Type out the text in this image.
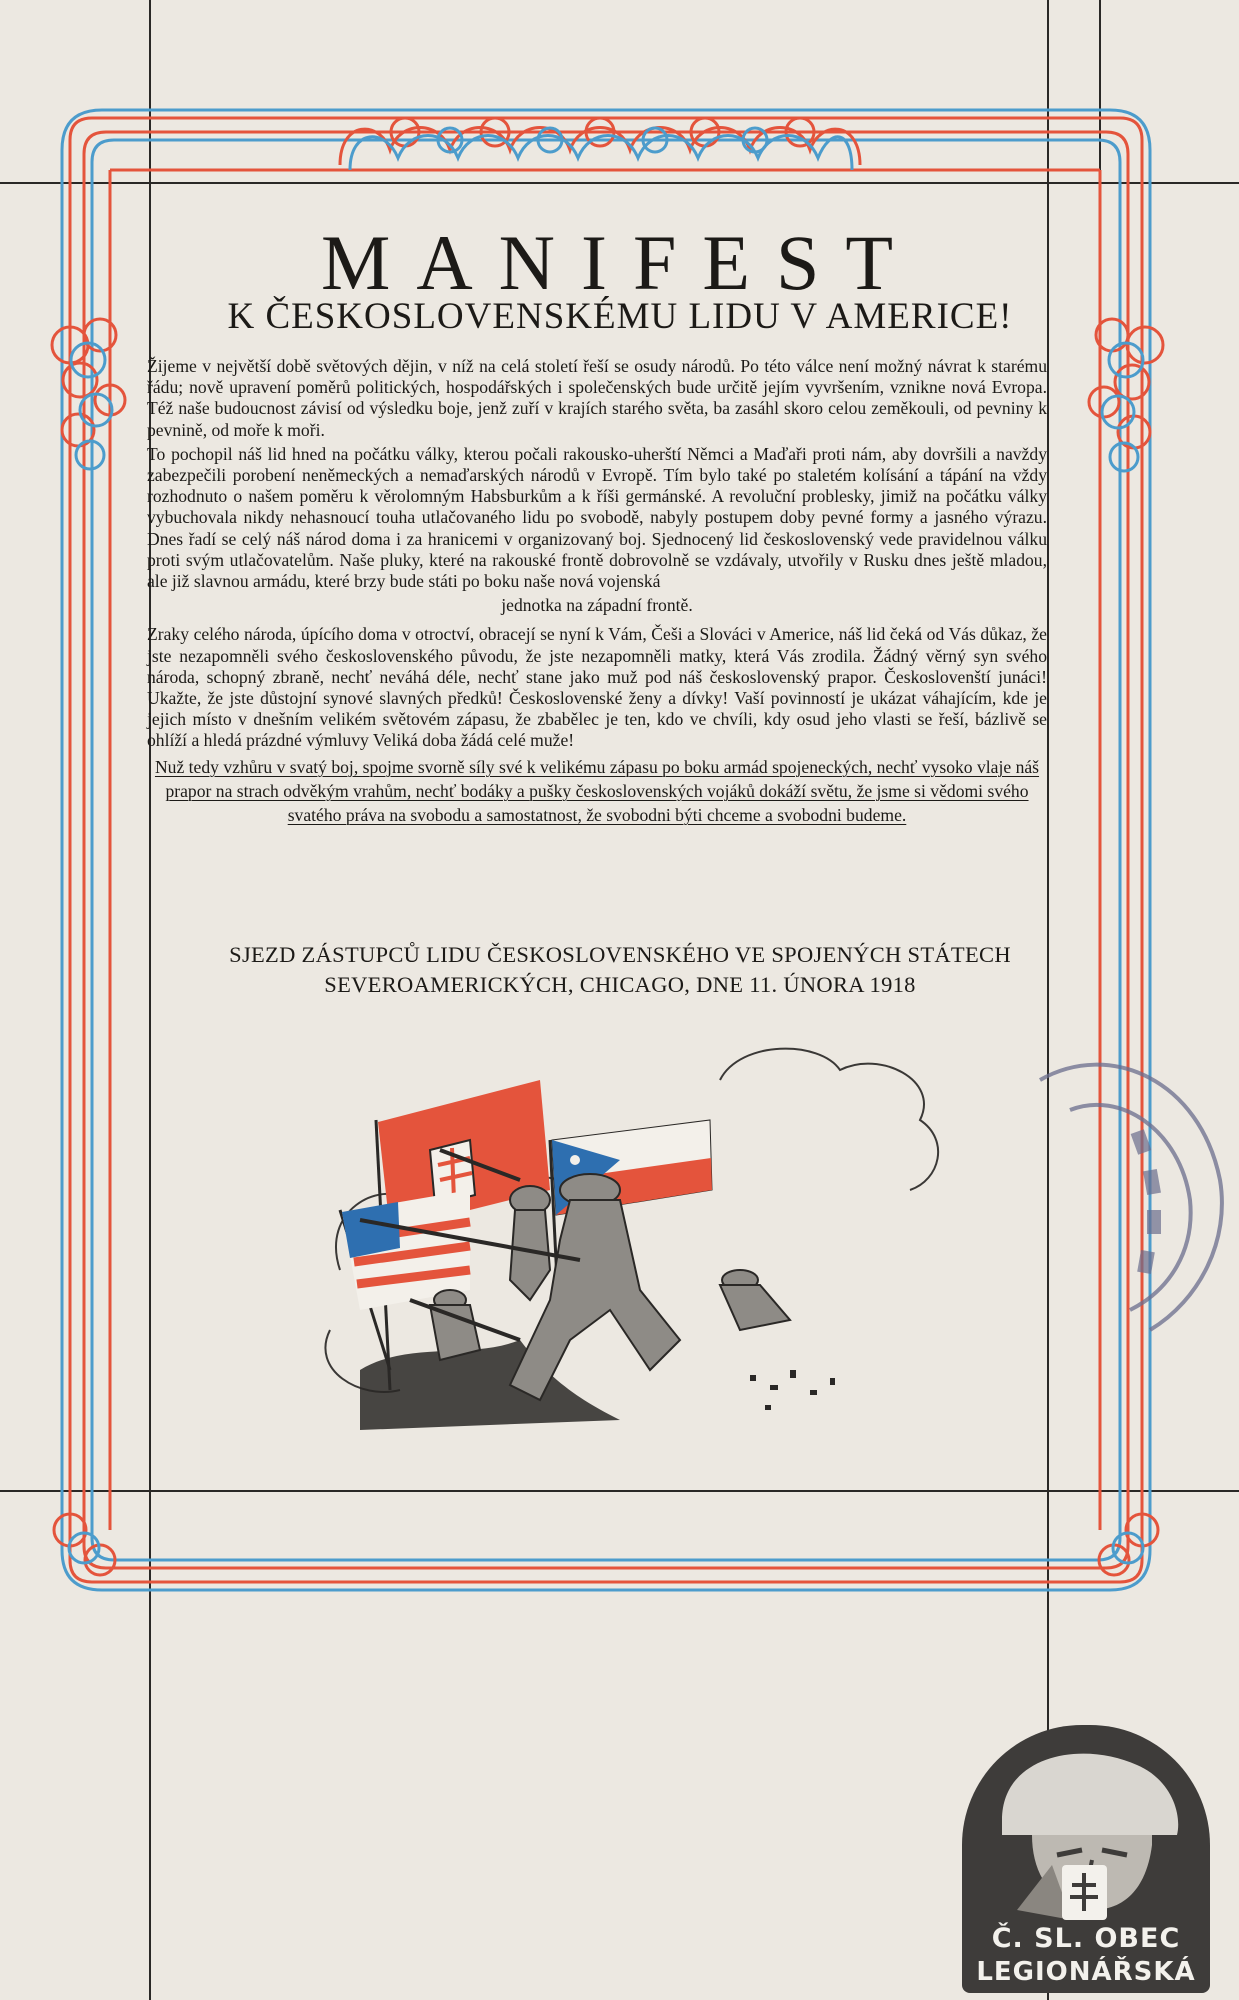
MANIFEST
K ČESKOSLOVENSKÉMU LIDU V AMERICE!

Žijeme v největší době světových dějin, v níž na celá století řeší se osudy národů. Po této válce není možný návrat k starému řádu; nově upravení poměrů politických, hospodářských i společenských bude určitě jejím vyvršením, vznikne nová Evropa. Též naše budoucnost závisí od výsledku boje, jenž zuří v krajích starého světa, ba zasáhl skoro celou zeměkouli, od pevniny k pevnině, od moře k moři.

To pochopil náš lid hned na počátku války, kterou počali rakousko-uherští Němci a Maďaři proti nám, aby dovršili a navždy zabezpečili porobení neněmeckých a nemaďarských národů v Evropě. Tím bylo také po staletém kolísání a tápání na vždy rozhodnuto o našem poměru k věrolomným Habsburkům a k říši germánské. A revoluční problesky, jimiž na počátku války vybuchovala nikdy nehasnoucí touha utlačovaného lidu po svobodě, nabyly postupem doby pevné formy a jasného výrazu. Dnes řadí se celý náš národ doma i za hranicemi v organizovaný boj. Sjednocený lid československý vede pravidelnou válku proti svým utlačovatelům. Naše pluky, které na rakouské frontě dobrovolně se vzdávaly, utvořily v Rusku dnes ještě mladou, ale již slavnou armádu, které brzy bude státi po boku naše nová vojenská

jednotka na západní frontě.

Zraky celého národa, úpícího doma v otroctví, obracejí se nyní k Vám, Češi a Slováci v Americe, náš lid čeká od Vás důkaz, že jste nezapomněli svého československého původu, že jste nezapomněli matky, která Vás zrodila. Žádný věrný syn svého národa, schopný zbraně, nechť neváhá déle, nechť stane jako muž pod náš československý prapor. Českoslovenští junáci! Ukažte, že jste důstojní synové slavných předků! Československé ženy a dívky! Vaší povinností je ukázat váhajícím, kde je jejich místo v dnešním velikém světovém zápasu, že zbabělec je ten, kdo ve chvíli, kdy osud jeho vlasti se řeší, bázlivě se ohlíží a hledá prázdné výmluvy Veliká doba žádá celé muže!

Nuž tedy vzhůru v svatý boj, spojme svorně síly své k velikému zápasu po boku armád spojeneckých, nechť vysoko vlaje náš prapor na strach odvěkým vrahům, nechť bodáky a pušky československých vojáků dokáží světu, že jsme si vědomi svého svatého práva na svobodu a samostatnost, že svobodni býti chceme a svobodni budeme.

SJEZD ZÁSTUPCŮ LIDU ČESKOSLOVENSKÉHO VE SPOJENÝCH STÁTECH
SEVEROAMERICKÝCH, CHICAGO, DNE 11. ÚNORA 1918
Č. SL. OBEC
LEGIONÁŘSKÁ
